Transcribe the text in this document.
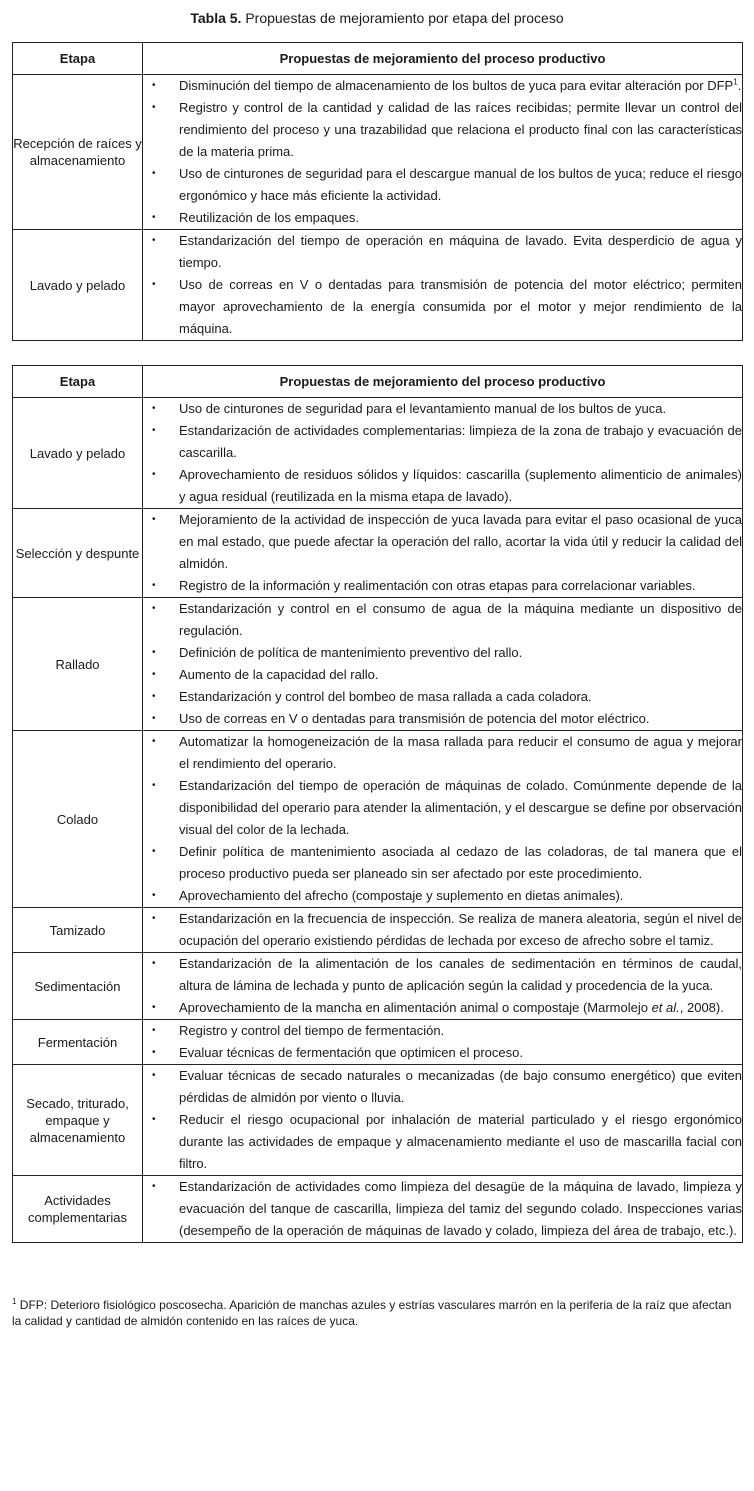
Tabla 5. Propuestas de mejoramiento por etapa del proceso
Etapa	Propuestas de mejoramiento del proceso productivo
Recepción de raíces y almacenamiento	
• Disminución del tiempo de almacenamiento de los bultos de yuca para evitar alteración por DFP$^1$.
• Registro y control de la cantidad y calidad de las raíces recibidas; permite llevar un control del rendimiento del proceso y una trazabilidad que relaciona el producto final con las características de la materia prima.
• Uso de cinturones de seguridad para el descargue manual de los bultos de yuca; reduce el riesgo ergonómico y hace más eficiente la actividad.
• Reutilización de los empaques.

Lavado y pelado	
• Estandarización del tiempo de operación en máquina de lavado. Evita desperdicio de agua y tiempo.
• Uso de correas en V o dentadas para transmisión de potencia del motor eléctrico; permiten mayor aprovechamiento de la energía consumida por el motor y mejor rendimiento de la máquina.
Etapa	Propuestas de mejoramiento del proceso productivo
Lavado y pelado	
• Uso de cinturones de seguridad para el levantamiento manual de los bultos de yuca.
• Estandarización de actividades complementarias: limpieza de la zona de trabajo y evacuación de cascarilla.
• Aprovechamiento de residuos sólidos y líquidos: cascarilla (suplemento alimenticio de animales) y agua residual (reutilizada en la misma etapa de lavado).

Selección y despunte	
• Mejoramiento de la actividad de inspección de yuca lavada para evitar el paso ocasional de yuca en mal estado, que puede afectar la operación del rallo, acortar la vida útil y reducir la calidad del almidón.
• Registro de la información y realimentación con otras etapas para correlacionar variables.

Rallado	
• Estandarización y control en el consumo de agua de la máquina mediante un dispositivo de regulación.
• Definición de política de mantenimiento preventivo del rallo.
• Aumento de la capacidad del rallo.
• Estandarización y control del bombeo de masa rallada a cada coladora.
• Uso de correas en V o dentadas para transmisión de potencia del motor eléctrico.

Colado	
• Automatizar la homogeneización de la masa rallada para reducir el consumo de agua y mejorar el rendimiento del operario.
• Estandarización del tiempo de operación de máquinas de colado. Comúnmente depende de la disponibilidad del operario para atender la alimentación, y el descargue se define por observación visual del color de la lechada.
• Definir política de mantenimiento asociada al cedazo de las coladoras, de tal manera que el proceso productivo pueda ser planeado sin ser afectado por este procedimiento.
• Aprovechamiento del afrecho (compostaje y suplemento en dietas animales).

Tamizado	
• Estandarización en la frecuencia de inspección. Se realiza de manera aleatoria, según el nivel de ocupación del operario existiendo pérdidas de lechada por exceso de afrecho sobre el tamiz.

Sedimentación	
• Estandarización de la alimentación de los canales de sedimentación en términos de caudal, altura de lámina de lechada y punto de aplicación según la calidad y procedencia de la yuca.
• Aprovechamiento de la mancha en alimentación animal o compostaje (Marmolejo et al., 2008).

Fermentación	
• Registro y control del tiempo de fermentación.
• Evaluar técnicas de fermentación que optimicen el proceso.

Secado, triturado, empaque y almacenamiento	
• Evaluar técnicas de secado naturales o mecanizadas (de bajo consumo energético) que eviten pérdidas de almidón por viento o lluvia.
• Reducir el riesgo ocupacional por inhalación de material particulado y el riesgo ergonómico durante las actividades de empaque y almacenamiento mediante el uso de mascarilla facial con filtro.

Actividades complementarias	
• Estandarización de actividades como limpieza del desagüe de la máquina de lavado, limpieza y evacuación del tanque de cascarilla, limpieza del tamiz del segundo colado. Inspecciones varias (desempeño de la operación de máquinas de lavado y colado, limpieza del área de trabajo, etc.).
$^1$ DFP: Deterioro fisiológico poscosecha. Aparición de manchas azules y estrías vasculares marrón en la periferia de la raíz que afectan la calidad y cantidad de almidón contenido en las raíces de yuca.
